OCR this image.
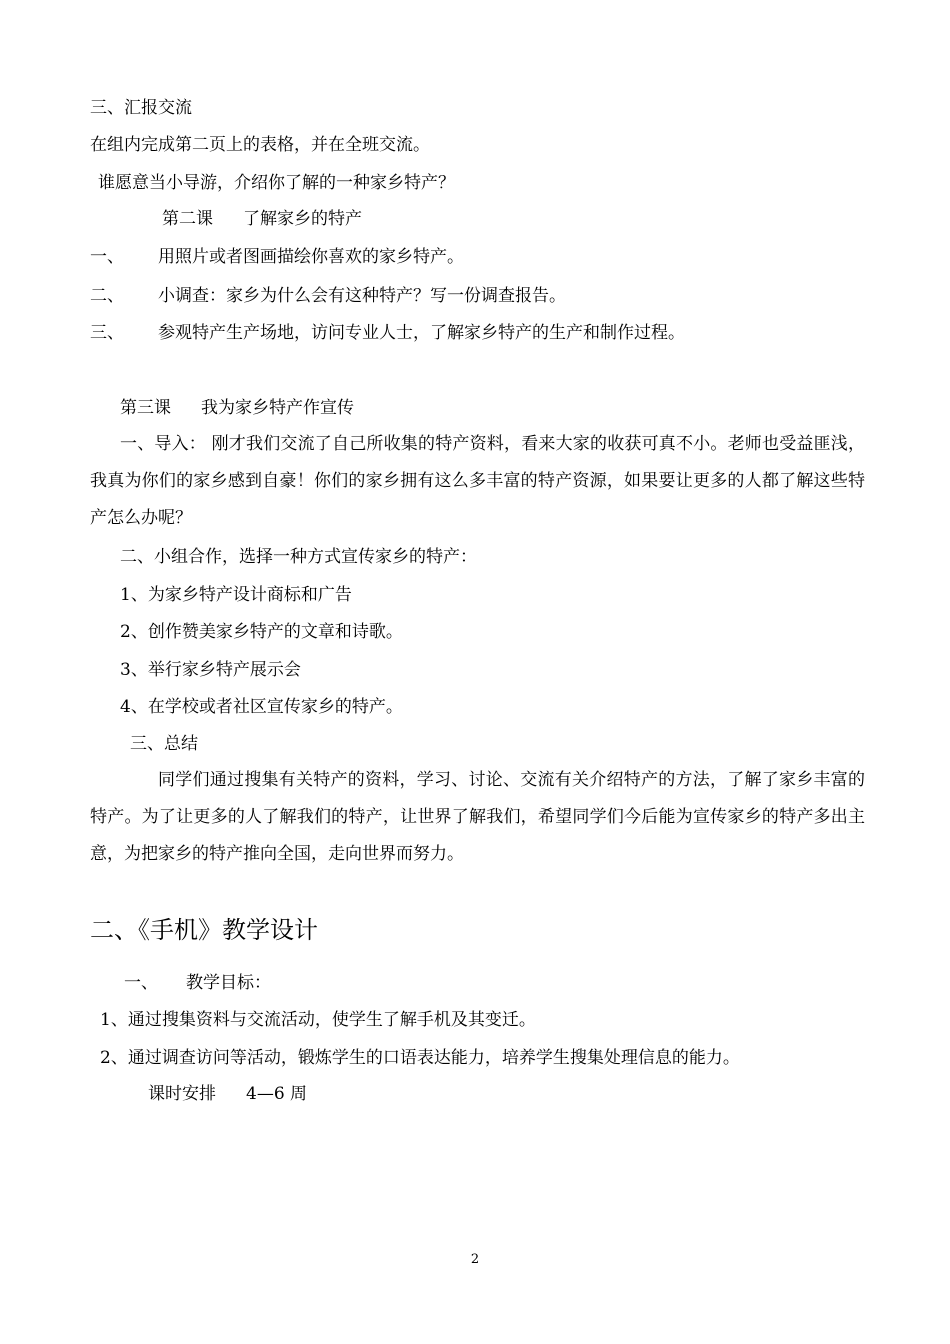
三、汇报交流
在组内完成第二页上的表格，并在全班交流。
谁愿意当小导游，介绍你了解的一种家乡特产？
第二课 了解家乡的特产
一、 用照片或者图画描绘你喜欢的家乡特产。
二、 小调查：家乡为什么会有这种特产？写一份调查报告。
三、 参观特产生产场地，访问专业人士，了解家乡特产的生产和制作过程。
第三课 我为家乡特产作宣传
一、导入： 刚才我们交流了自己所收集的特产资料，看来大家的收获可真不小。老师也受益匪浅，我真为你们的家乡感到自豪！你们的家乡拥有这么多丰富的特产资源，如果要让更多的人都了解这些特产怎么办呢？
二、小组合作，选择一种方式宣传家乡的特产：
1、为家乡特产设计商标和广告
2、创作赞美家乡特产的文章和诗歌。
3、举行家乡特产展示会
4、在学校或者社区宣传家乡的特产。
三、总结
同学们通过搜集有关特产的资料，学习、讨论、交流有关介绍特产的方法，了解了家乡丰富的特产。为了让更多的人了解我们的特产，让世界了解我们，希望同学们今后能为宣传家乡的特产多出主意，为把家乡的特产推向全国，走向世界而努力。
二、《手机》教学设计
一、 教学目标：
1、通过搜集资料与交流活动，使学生了解手机及其变迁。
2、通过调查访问等活动，锻炼学生的口语表达能力，培养学生搜集处理信息的能力。
课时安排 4—6 周
2
